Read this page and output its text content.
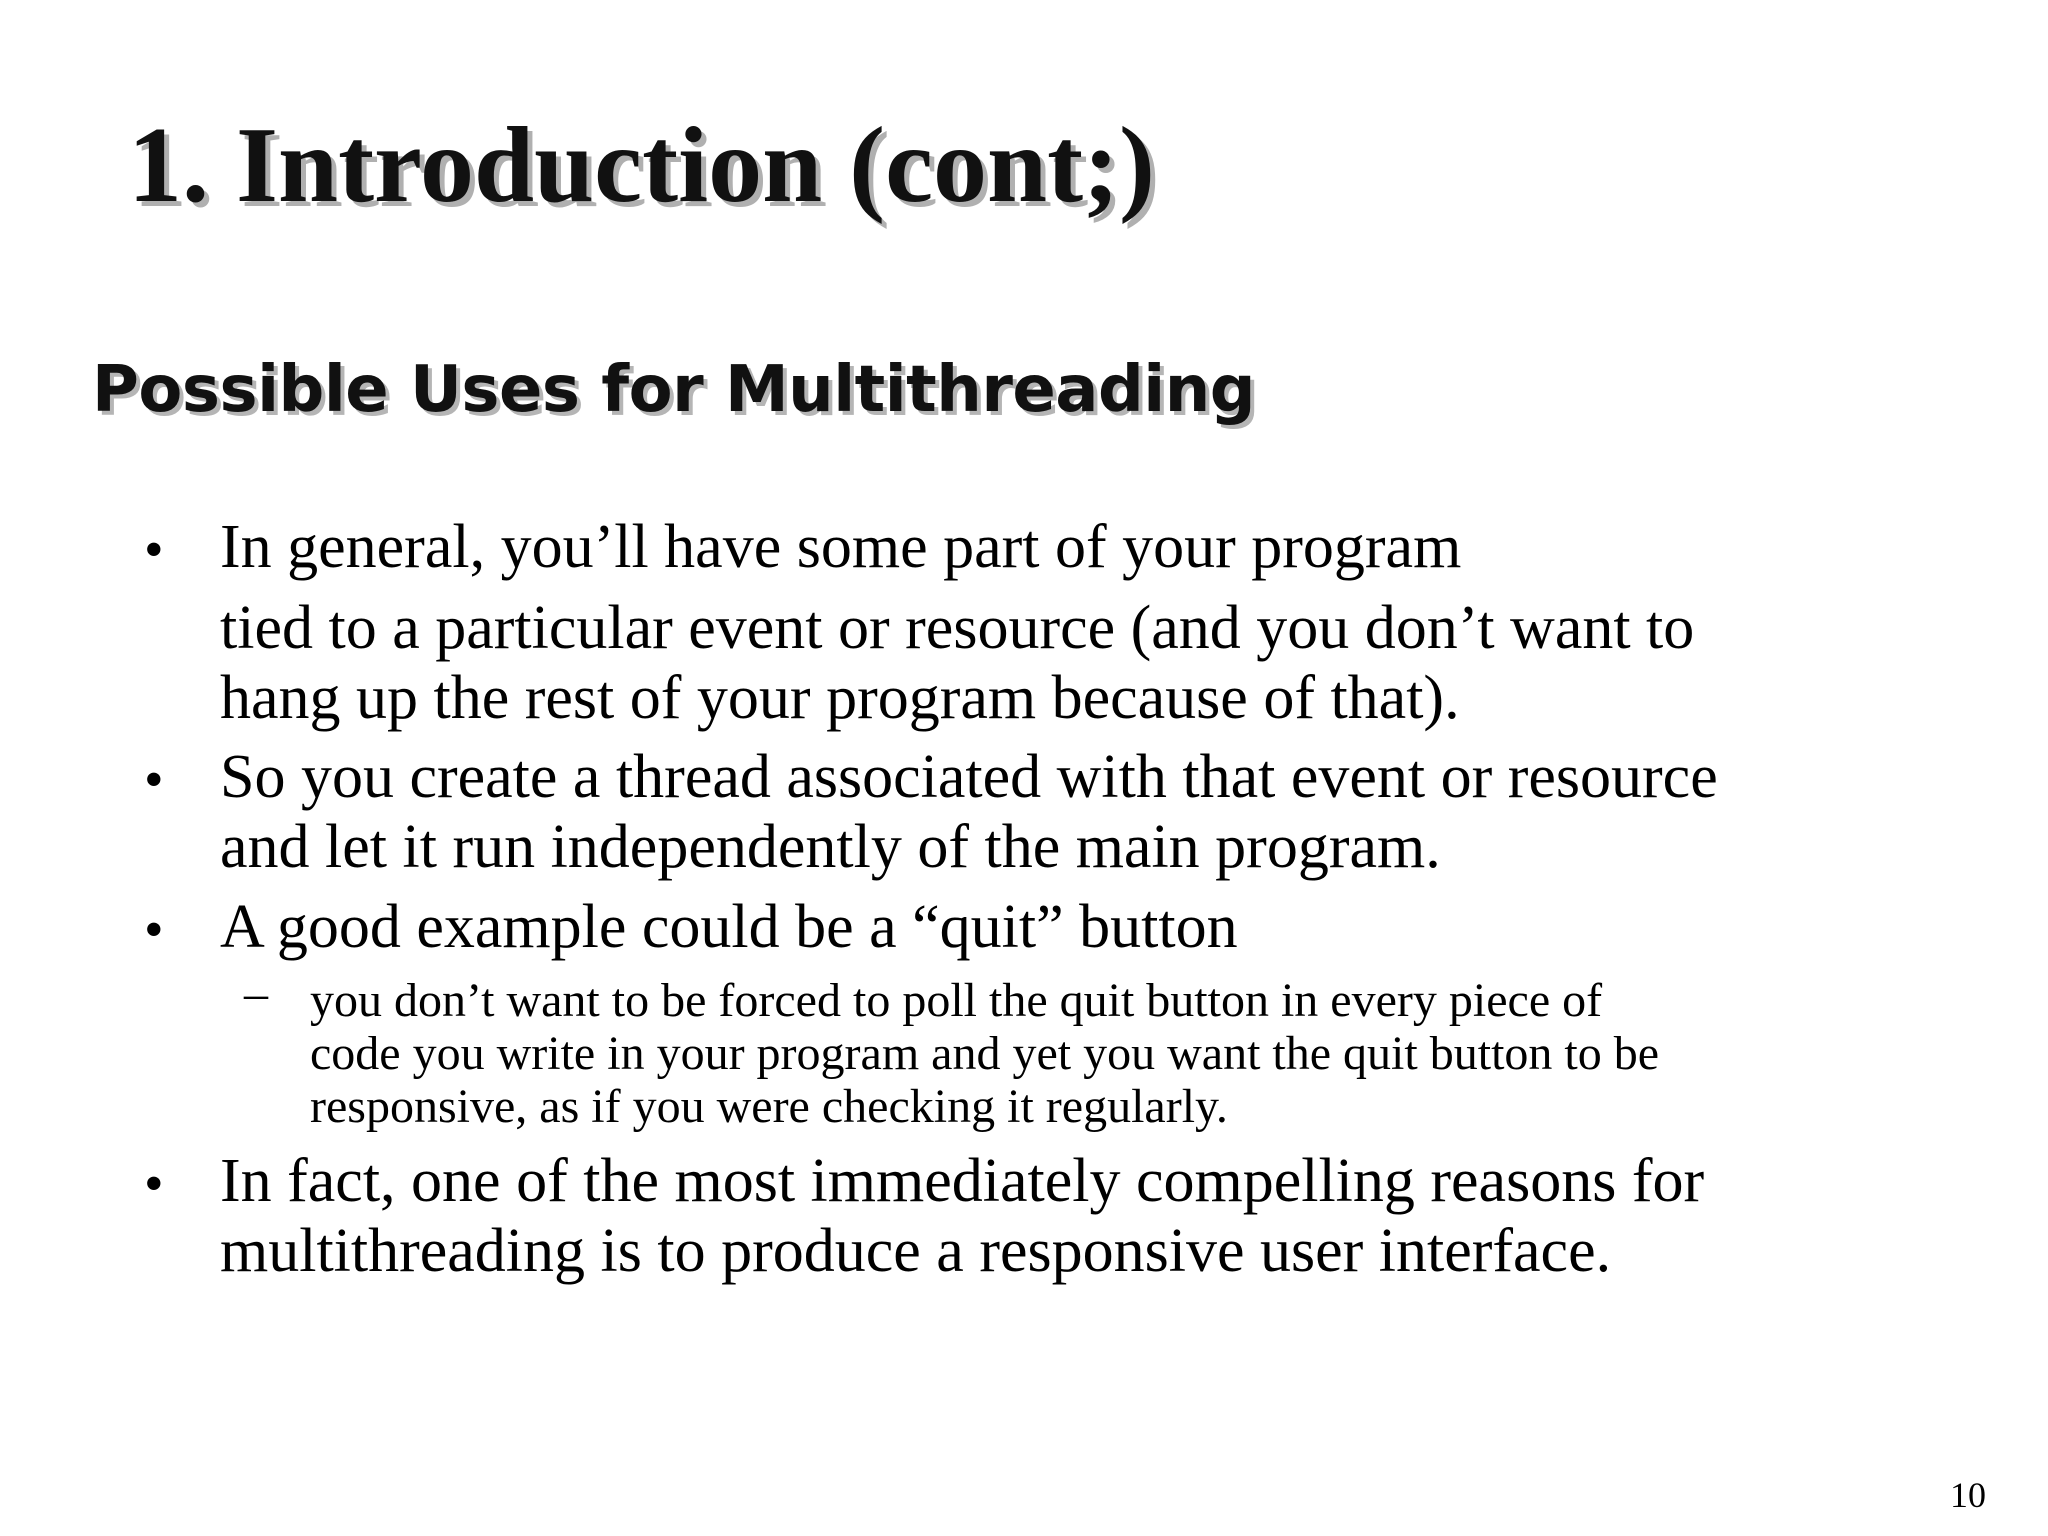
1. Introduction (cont;)
Possible Uses for Multithreading
• In general, you’ll have some part of your program
tied to a particular event or resource (and you don’t want to
hang up the rest of your program because of that).
• So you create a thread associated with that event or resource
and let it run independently of the main program.
• A good example could be a “quit” button
– you don’t want to be forced to poll the quit button in every piece of
code you write in your program and yet you want the quit button to be
responsive, as if you were checking it regularly.
• In fact, one of the most immediately compelling reasons for
multithreading is to produce a responsive user interface.
10
